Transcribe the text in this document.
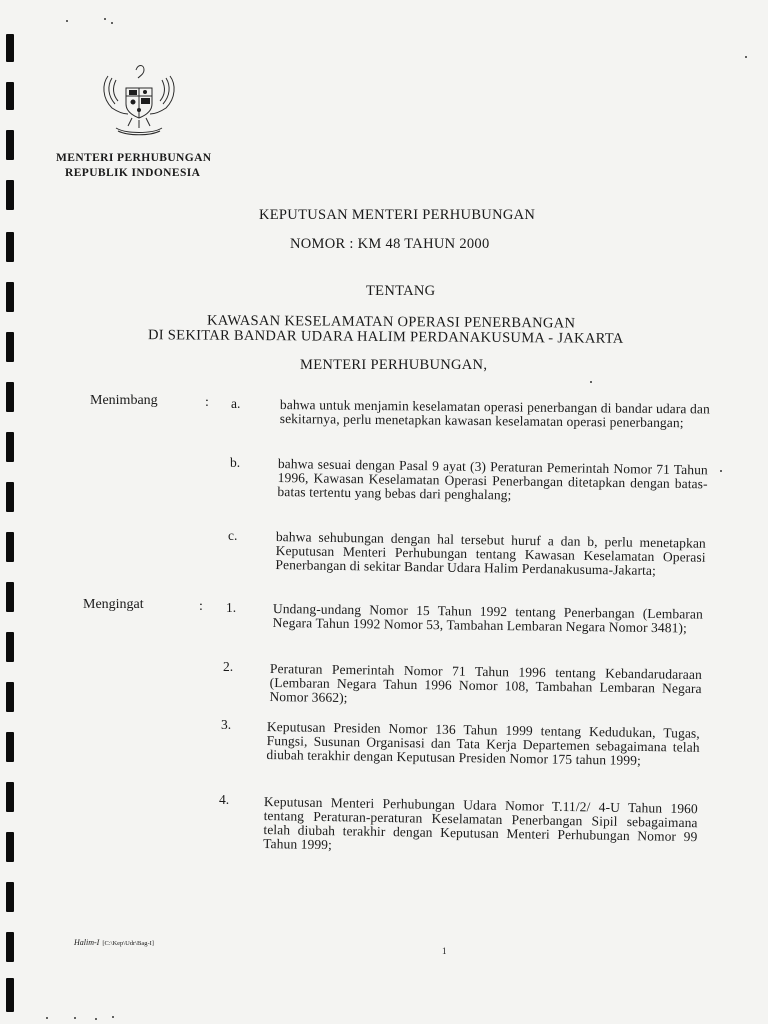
MENTERI PERHUBUNGAN
REPUBLIK INDONESIA
KEPUTUSAN MENTERI PERHUBUNGAN
NOMOR : KM 48 TAHUN 2000
TENTANG
KAWASAN KESELAMATAN OPERASI PENERBANGAN
DI SEKITAR BANDAR UDARA HALIM PERDANAKUSUMA - JAKARTA
MENTERI PERHUBUNGAN,
Menimbang	: a.	bahwa untuk menjamin keselamatan operasi penerbangan di bandar udara dan sekitarnya, perlu menetapkan kawasan keselamatan operasi penerbangan;
b.	bahwa sesuai dengan Pasal 9 ayat (3) Peraturan Pemerintah Nomor 71 Tahun 1996, Kawasan Keselamatan Operasi Penerbangan ditetapkan dengan batas-batas tertentu yang bebas dari penghalang;
c.	bahwa sehubungan dengan hal tersebut huruf a dan b, perlu menetapkan Keputusan Menteri Perhubungan tentang Kawasan Keselamatan Operasi Penerbangan di sekitar Bandar Udara Halim Perdanakusuma-Jakarta;
Mengingat	: 1.	Undang-undang Nomor 15 Tahun 1992 tentang Penerbangan (Lembaran Negara Tahun 1992 Nomor 53, Tambahan Lembaran Negara Nomor 3481);
2.	Peraturan Pemerintah Nomor 71 Tahun 1996 tentang Kebandarudaraan (Lembaran Negara Tahun 1996 Nomor 108, Tambahan Lembaran Negara Nomor 3662);
3.	Keputusan Presiden Nomor 136 Tahun 1999 tentang Kedudukan, Tugas, Fungsi, Susunan Organisasi dan Tata Kerja Departemen sebagaimana telah diubah terakhir dengan Keputusan Presiden Nomor 175 tahun 1999;
4.	Keputusan Menteri Perhubungan Udara Nomor T.11/2/ 4-U Tahun 1960 tentang Peraturan-peraturan Keselamatan Penerbangan Sipil sebagaimana telah diubah terakhir dengan Keputusan Menteri Perhubungan Nomor 99 Tahun 1999;
Halim-I [C:\Kep\Udr\Bag-I]
1
